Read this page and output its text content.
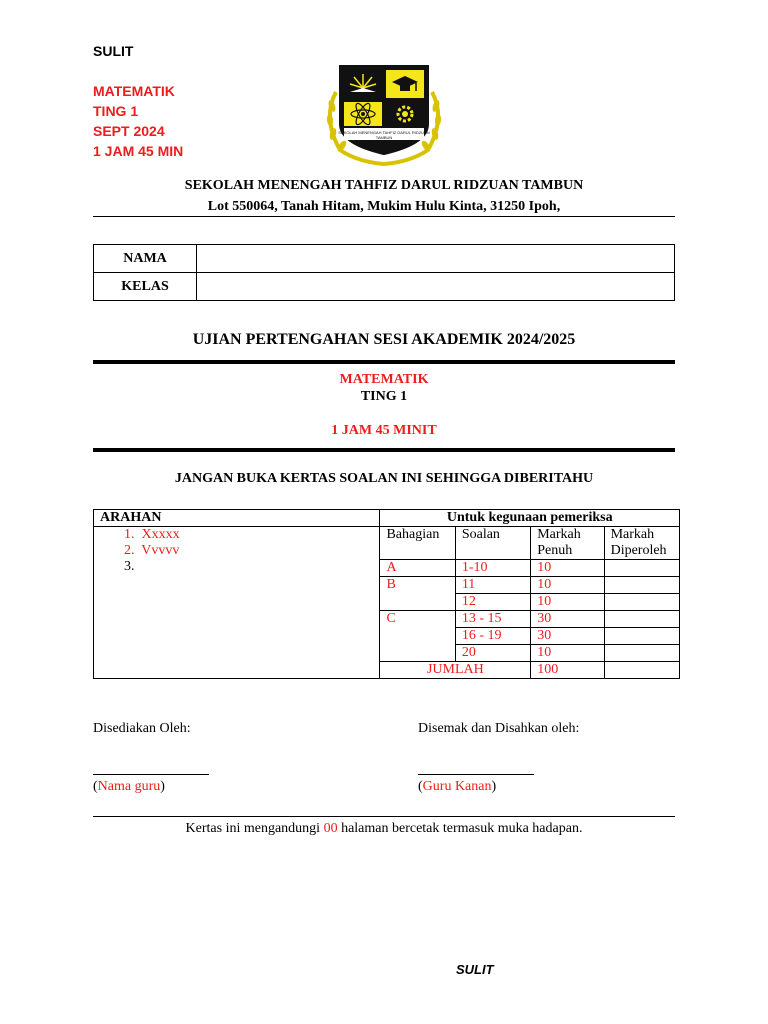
SULIT
MATEMATIK
TING 1
SEPT 2024
1 JAM 45 MIN
SEKOLAH MENENGAH TAHFIZ DARUL RIDZUAN
TAMBUN
SEKOLAH MENENGAH TAHFIZ DARUL RIDZUAN TAMBUN
Lot 550064, Tanah Hitam, Mukim Hulu Kinta, 31250 Ipoh,
NAMA	
KELAS	
UJIAN PERTENGAHAN SESI AKADEMIK 2024/2025
MATEMATIK
TING 1
1 JAM 45 MINIT
JANGAN BUKA KERTAS SOALAN INI SEHINGGA DIBERITAHU
ARAHAN	Untuk kegunaan pemeriksa			

1. Xxxxx
2. Vvvvv
3.	Bahagian	Soalan	Markah Penuh	Markah Diperoleh
	A	1-10	10	
	B	11	10	
		12	10	
	C	13 - 15	30	
		16 - 19	30	
		20	10	
	JUMLAH		100	
Disediakan Oleh:	Disemak dan Disahkan oleh:
(Nama guru)	(Guru Kanan)
Kertas ini mengandungi 00 halaman bercetak termasuk muka hadapan.
SULIT
